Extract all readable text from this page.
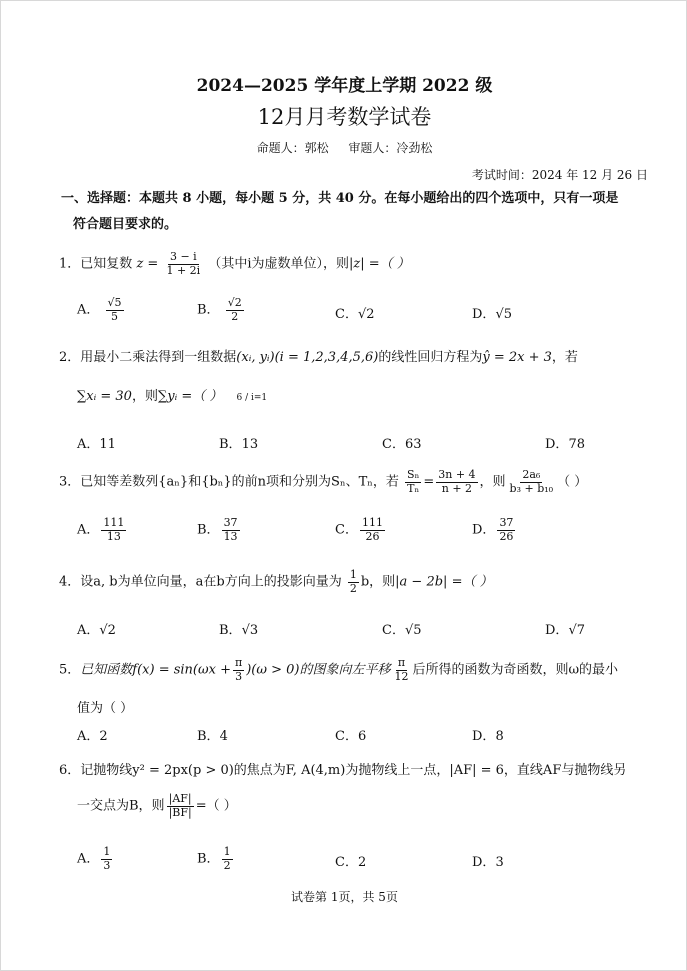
2024—2025 学年度上学期 2022 级
12月月考数学试卷
命题人：郭松 审题人：冷劲松
考试时间：2024 年 12 月 26 日
一、选择题：本题共 8 小题，每小题 5 分，共 40 分。在每小题给出的四个选项中，只有一项是
符合题目要求的。
1．已知复数 $z = \frac{3 - i}{1 + 2i}$ （其中i为虚数单位），则|z| =（ ）
A． $\frac{√5}{5}$	B． $\frac{√2}{2}$	C．√2	D．√5
2．用最小二乘法得到一组数据(xᵢ, yᵢ)(i = 1,2,3,4,5,6)的线性回归方程为ŷ = 2x + 3，若
∑xᵢ = 30，则∑yᵢ =（ ） 6 / i=1
A．11	B．13	C．63	D．78
3．已知等差数列{aₙ}和{bₙ}的前n项和分别为Sₙ、Tₙ，若 $\frac{\text{Sₙ}}{\text{Tₙ}} = \frac{3n + 4}{n + 2}$ ，则 $\frac{\text{2a₆}}{\text{b₃ + b₁₀}}$ （ ）
A． $\frac{111}{13}$	B． $\frac{37}{13}$	C． $\frac{111}{26}$	D． $\frac{37}{26}$
4．设a, b为单位向量，a在b方向上的投影向量为 $\frac{1}{2}$ b，则|a − 2b| =（ ）
A．√2	B．√3	C．√5	D．√7
5．已知函数$f(x) = \sin(\omega x + \frac{\pi}{3} )(\omega > 0)$的图象向左平移 $\frac{\pi}{12}$ 后所得的函数为奇函数，则ω的最小
值为（ ）
A．2	B．4	C．6	D．8
6．记抛物线y² = 2px(p > 0)的焦点为F, A(4,m)为抛物线上一点，|AF| = 6，直线AF与抛物线另
一交点为B，则 $\frac{|AF|}{|BF|}$ =（ ）
A． $\frac{1}{3}$	B． $\frac{1}{2}$	C．2	D．3
试卷第 1页，共 5页
